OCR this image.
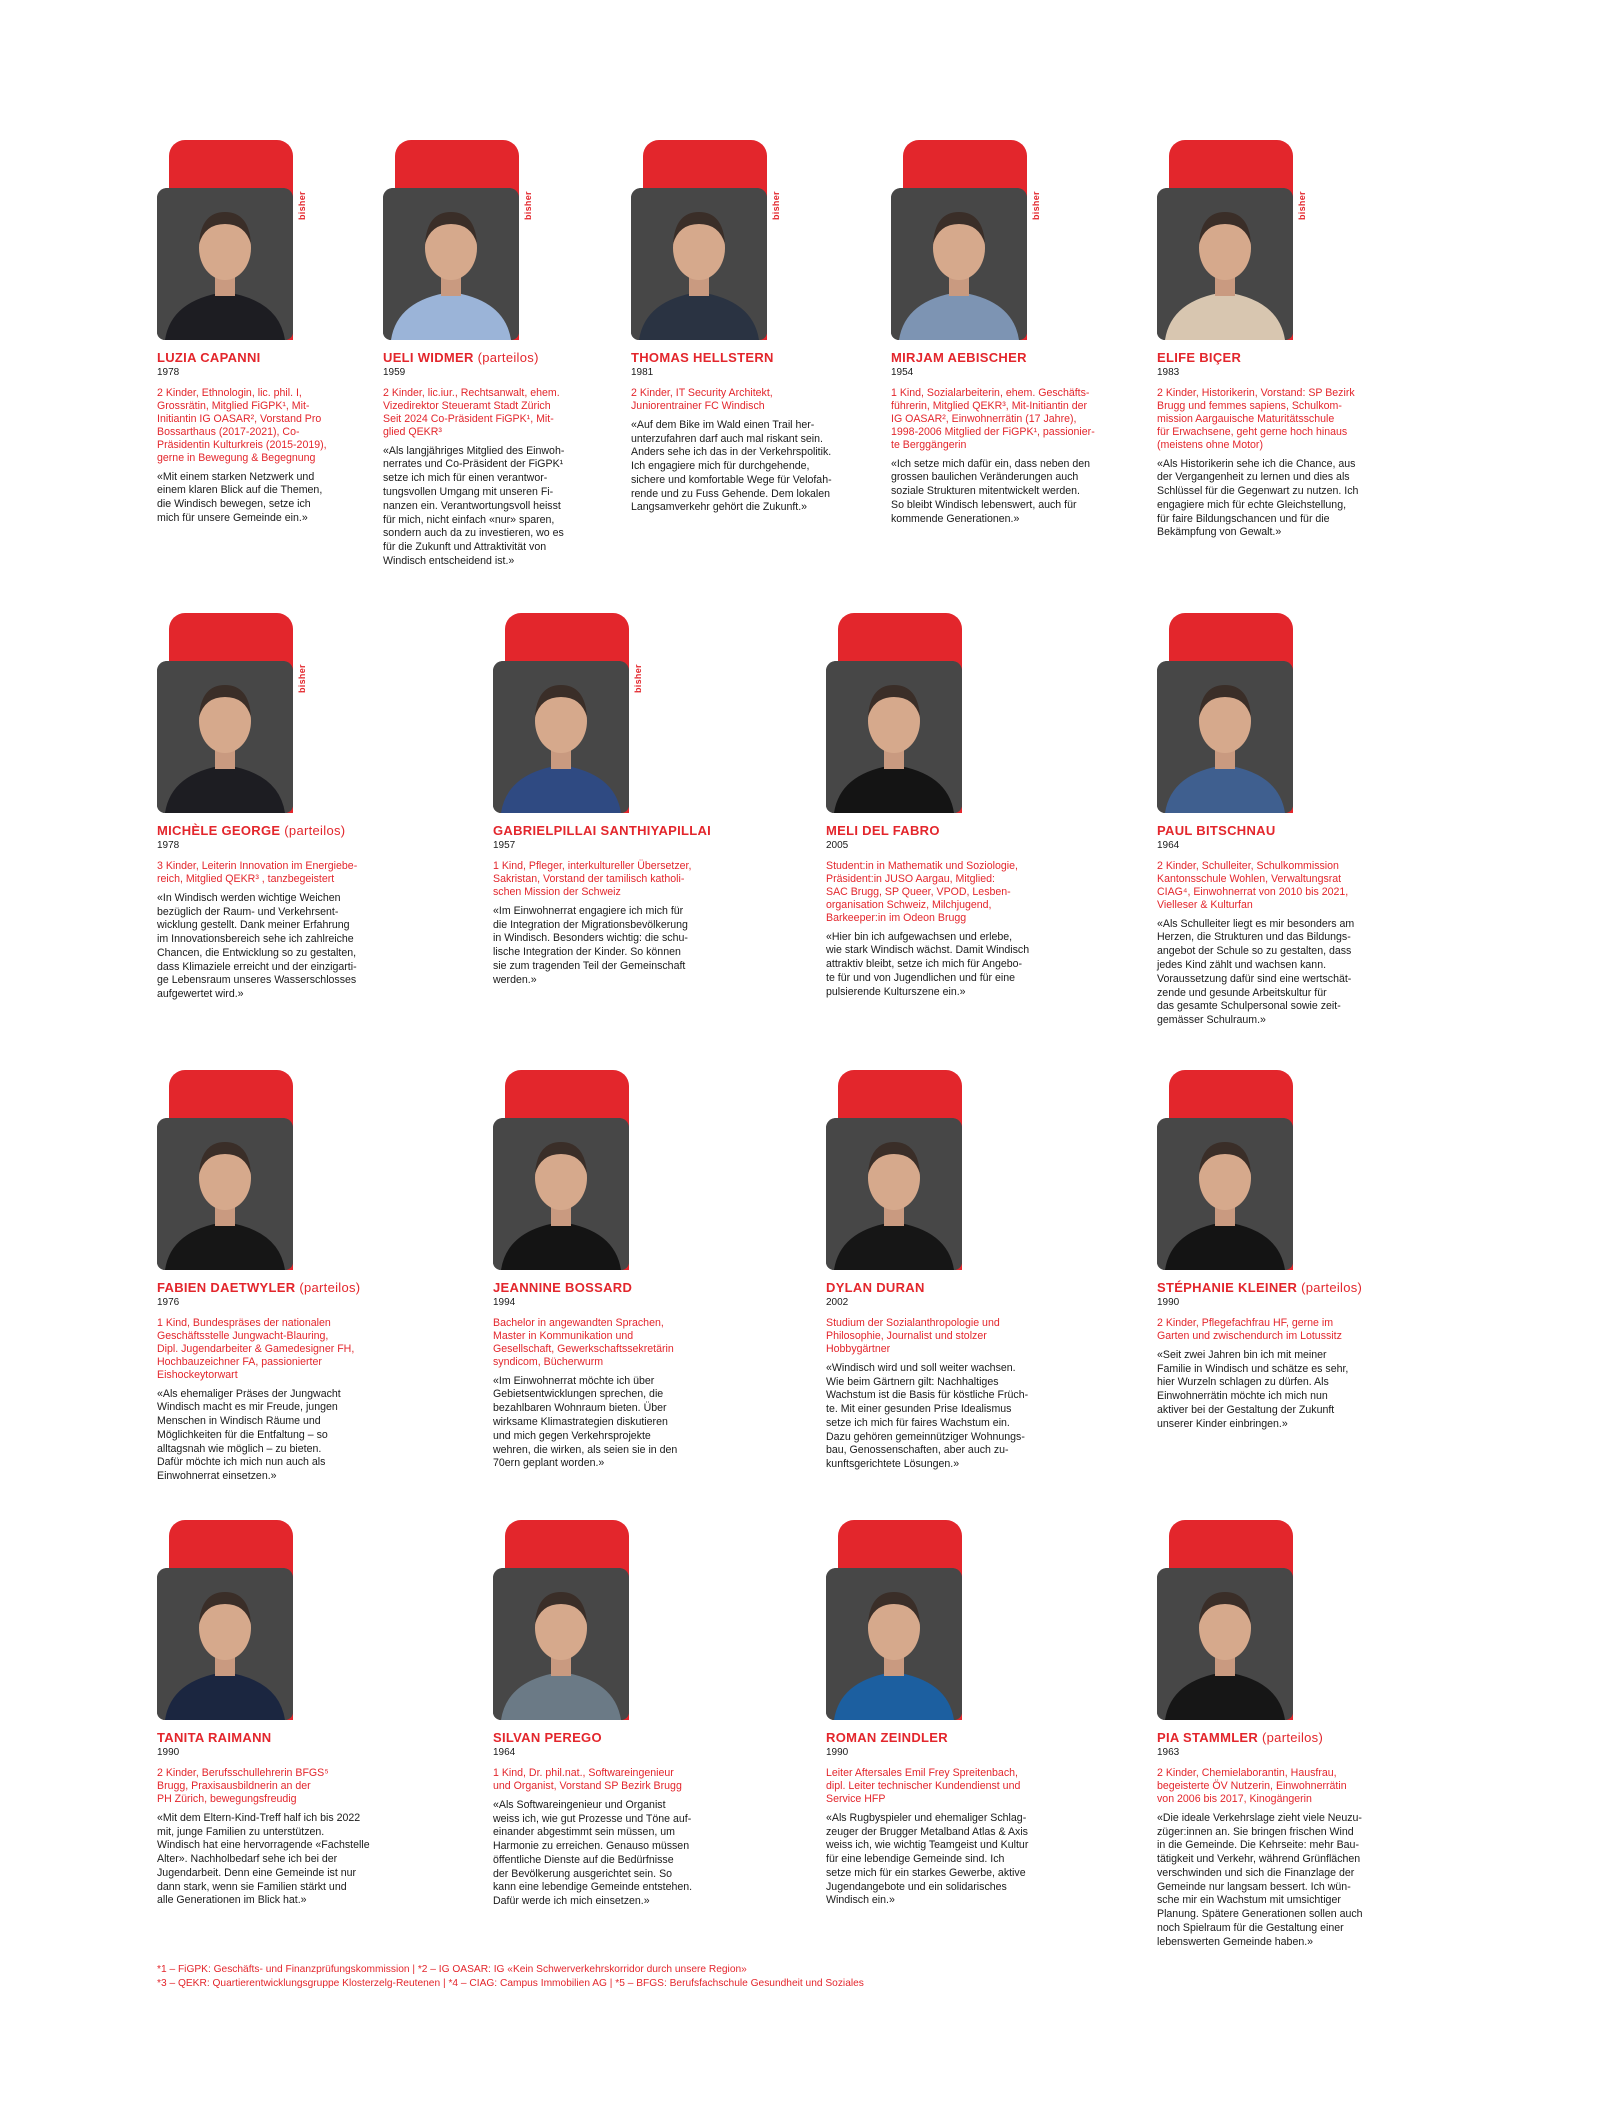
bisher
LUZIA CAPANNI
1978
2 Kinder, Ethnologin, lic. phil. I,
Grossrätin, Mitglied FiGPK¹, Mit-
Initiantin IG OASAR², Vorstand Pro
Bossarthaus (2017-2021), Co-
Präsidentin Kulturkreis (2015-2019),
gerne in Bewegung & Begegnung
«Mit einem starken Netzwerk und
einem klaren Blick auf die Themen,
die Windisch bewegen, setze ich
mich für unsere Gemeinde ein.»
bisher
UELI WIDMER (parteilos)
1959
2 Kinder, lic.iur., Rechtsanwalt, ehem.
Vizedirektor Steueramt Stadt Zürich
Seit 2024 Co-Präsident FiGPK¹, Mit-
glied QEKR³
«Als langjähriges Mitglied des Einwoh-
nerrates und Co-Präsident der FiGPK¹
setze ich mich für einen verantwor-
tungsvollen Umgang mit unseren Fi-
nanzen ein. Verantwortungsvoll heisst
für mich, nicht einfach «nur» sparen,
sondern auch da zu investieren, wo es
für die Zukunft und Attraktivität von
Windisch entscheidend ist.»
bisher
THOMAS HELLSTERN
1981
2 Kinder, IT Security Architekt,
Juniorentrainer FC Windisch
«Auf dem Bike im Wald einen Trail her-
unterzufahren darf auch mal riskant sein.
Anders sehe ich das in der Verkehrspolitik.
Ich engagiere mich für durchgehende,
sichere und komfortable Wege für Velofah-
rende und zu Fuss Gehende. Dem lokalen
Langsamverkehr gehört die Zukunft.»
bisher
MIRJAM AEBISCHER
1954
1 Kind, Sozialarbeiterin, ehem. Geschäfts-
führerin, Mitglied QEKR³, Mit-Initiantin der
IG OASAR², Einwohnerrätin (17 Jahre),
1998-2006 Mitglied der FiGPK¹, passionier-
te Berggängerin
«Ich setze mich dafür ein, dass neben den
grossen baulichen Veränderungen auch
soziale Strukturen mitentwickelt werden.
So bleibt Windisch lebenswert, auch für
kommende Generationen.»
bisher
ELIFE BIÇER
1983
2 Kinder, Historikerin, Vorstand: SP Bezirk
Brugg und femmes sapiens, Schulkom-
mission Aargauische Maturitätsschule
für Erwachsene, geht gerne hoch hinaus
(meistens ohne Motor)
«Als Historikerin sehe ich die Chance, aus
der Vergangenheit zu lernen und dies als
Schlüssel für die Gegenwart zu nutzen. Ich
engagiere mich für echte Gleichstellung,
für faire Bildungschancen und für die
Bekämpfung von Gewalt.»
bisher
MICHÈLE GEORGE (parteilos)
1978
3 Kinder, Leiterin Innovation im Energiebe-
reich, Mitglied QEKR³ , tanzbegeistert
«In Windisch werden wichtige Weichen
bezüglich der Raum- und Verkehrsent-
wicklung gestellt. Dank meiner Erfahrung
im Innovationsbereich sehe ich zahlreiche
Chancen, die Entwicklung so zu gestalten,
dass Klimaziele erreicht und der einzigarti-
ge Lebensraum unseres Wasserschlosses
aufgewertet wird.»
bisher
GABRIELPILLAI SANTHIYAPILLAI
1957
1 Kind, Pfleger, interkultureller Übersetzer,
Sakristan, Vorstand der tamilisch katholi-
schen Mission der Schweiz
«Im Einwohnerrat engagiere ich mich für
die Integration der Migrationsbevölkerung
in Windisch. Besonders wichtig: die schu-
lische Integration der Kinder. So können
sie zum tragenden Teil der Gemeinschaft
werden.»
MELI DEL FABRO
2005
Student:in in Mathematik und Soziologie,
Präsident:in JUSO Aargau, Mitglied:
SAC Brugg, SP Queer, VPOD, Lesben-
organisation Schweiz, Milchjugend,
Barkeeper:in im Odeon Brugg
«Hier bin ich aufgewachsen und erlebe,
wie stark Windisch wächst. Damit Windisch
attraktiv bleibt, setze ich mich für Angebo-
te für und von Jugendlichen und für eine
pulsierende Kulturszene ein.»
PAUL BITSCHNAU
1964
2 Kinder, Schulleiter, Schulkommission
Kantonsschule Wohlen, Verwaltungsrat
CIAG⁴, Einwohnerrat von 2010 bis 2021,
Vielleser & Kulturfan
«Als Schulleiter liegt es mir besonders am
Herzen, die Strukturen und das Bildungs-
angebot der Schule so zu gestalten, dass
jedes Kind zählt und wachsen kann.
Voraussetzung dafür sind eine wertschät-
zende und gesunde Arbeitskultur für
das gesamte Schulpersonal sowie zeit-
gemässer Schulraum.»
FABIEN DAETWYLER (parteilos)
1976
1 Kind, Bundespräses der nationalen
Geschäftsstelle Jungwacht-Blauring,
Dipl. Jugendarbeiter & Gamedesigner FH,
Hochbauzeichner FA, passionierter
Eishockeytorwart
«Als ehemaliger Präses der Jungwacht
Windisch macht es mir Freude, jungen
Menschen in Windisch Räume und
Möglichkeiten für die Entfaltung – so
alltagsnah wie möglich – zu bieten.
Dafür möchte ich mich nun auch als
Einwohnerrat einsetzen.»
JEANNINE BOSSARD
1994
Bachelor in angewandten Sprachen,
Master in Kommunikation und
Gesellschaft, Gewerkschaftssekretärin
syndicom, Bücherwurm
«Im Einwohnerrat möchte ich über
Gebietsentwicklungen sprechen, die
bezahlbaren Wohnraum bieten. Über
wirksame Klimastrategien diskutieren
und mich gegen Verkehrsprojekte
wehren, die wirken, als seien sie in den
70ern geplant worden.»
DYLAN DURAN
2002
Studium der Sozialanthropologie und
Philosophie, Journalist und stolzer
Hobbygärtner
«Windisch wird und soll weiter wachsen.
Wie beim Gärtnern gilt: Nachhaltiges
Wachstum ist die Basis für köstliche Früch-
te. Mit einer gesunden Prise Idealismus
setze ich mich für faires Wachstum ein.
Dazu gehören gemeinnütziger Wohnungs-
bau, Genossenschaften, aber auch zu-
kunftsgerichtete Lösungen.»
STÉPHANIE KLEINER (parteilos)
1990
2 Kinder, Pflegefachfrau HF, gerne im
Garten und zwischendurch im Lotussitz
«Seit zwei Jahren bin ich mit meiner
Familie in Windisch und schätze es sehr,
hier Wurzeln schlagen zu dürfen. Als
Einwohnerrätin möchte ich mich nun
aktiver bei der Gestaltung der Zukunft
unserer Kinder einbringen.»
TANITA RAIMANN
1990
2 Kinder, Berufsschullehrerin BFGS⁵
Brugg, Praxisausbildnerin an der
PH Zürich, bewegungsfreudig
«Mit dem Eltern-Kind-Treff half ich bis 2022
mit, junge Familien zu unterstützen.
Windisch hat eine hervorragende «Fachstelle
Alter». Nachholbedarf sehe ich bei der
Jugendarbeit. Denn eine Gemeinde ist nur
dann stark, wenn sie Familien stärkt und
alle Generationen im Blick hat.»
SILVAN PEREGO
1964
1 Kind, Dr. phil.nat., Softwareingenieur
und Organist, Vorstand SP Bezirk Brugg
«Als Softwareingenieur und Organist
weiss ich, wie gut Prozesse und Töne auf-
einander abgestimmt sein müssen, um
Harmonie zu erreichen. Genauso müssen
öffentliche Dienste auf die Bedürfnisse
der Bevölkerung ausgerichtet sein. So
kann eine lebendige Gemeinde entstehen.
Dafür werde ich mich einsetzen.»
ROMAN ZEINDLER
1990
Leiter Aftersales Emil Frey Spreitenbach,
dipl. Leiter technischer Kundendienst und
Service HFP
«Als Rugbyspieler und ehemaliger Schlag-
zeuger der Brugger Metalband Atlas & Axis
weiss ich, wie wichtig Teamgeist und Kultur
für eine lebendige Gemeinde sind. Ich
setze mich für ein starkes Gewerbe, aktive
Jugendangebote und ein solidarisches
Windisch ein.»
PIA STAMMLER (parteilos)
1963
2 Kinder, Chemielaborantin, Hausfrau,
begeisterte ÖV Nutzerin, Einwohnerrätin
von 2006 bis 2017, Kinogängerin
«Die ideale Verkehrslage zieht viele Neuzu-
züger:innen an. Sie bringen frischen Wind
in die Gemeinde. Die Kehrseite: mehr Bau-
tätigkeit und Verkehr, während Grünflächen
verschwinden und sich die Finanzlage der
Gemeinde nur langsam bessert. Ich wün-
sche mir ein Wachstum mit umsichtiger
Planung. Spätere Generationen sollen auch
noch Spielraum für die Gestaltung einer
lebenswerten Gemeinde haben.»
*1 – FiGPK: Geschäfts- und Finanzprüfungskommission | *2 – IG OASAR: IG «Kein Schwerverkehrskorridor durch unsere Region»
*3 – QEKR: Quartierentwicklungsgruppe Klosterzelg-Reutenen | *4 – CIAG: Campus Immobilien AG | *5 – BFGS: Berufsfachschule Gesundheit und Soziales
